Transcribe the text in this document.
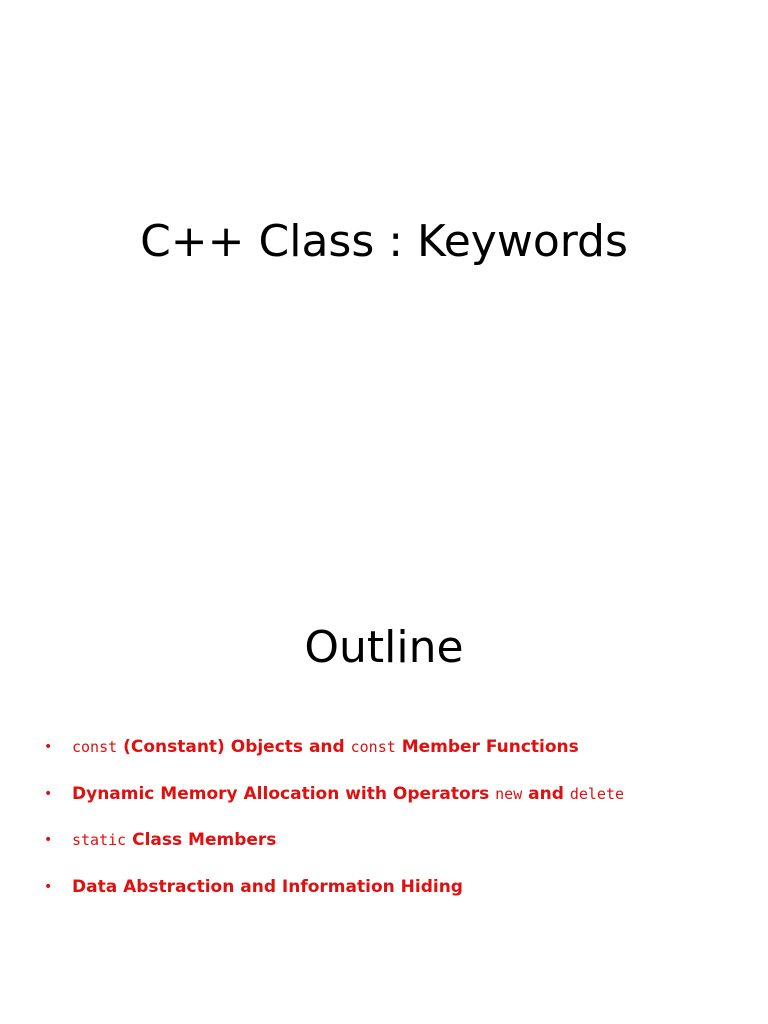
C++ Class : Keywords
Outline
• const (Constant) Objects and const Member Functions
• Dynamic Memory Allocation with Operators new and delete
• static Class Members
• Data Abstraction and Information Hiding
